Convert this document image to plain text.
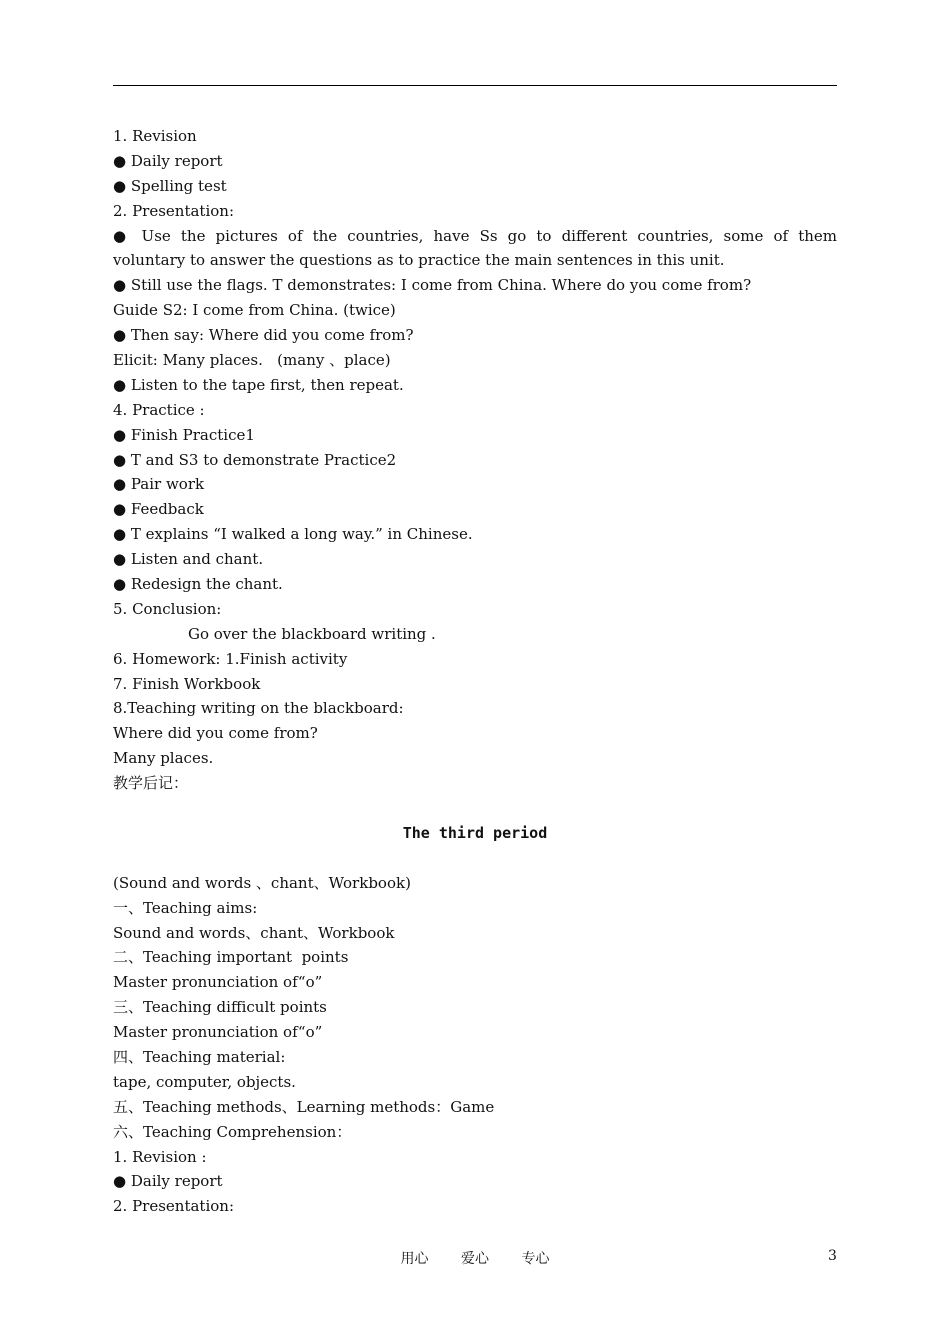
1. Revision
● Daily report
● Spelling test
2. Presentation:
● Use the pictures of the countries, have Ss go to different countries, some of them
voluntary to answer the questions as to practice the main sentences in this unit.
● Still use the flags. T demonstrates: I come from China. Where do you come from?
Guide S2: I come from China. (twice)
● Then say: Where did you come from?
Elicit: Many places.   (many 、place)
● Listen to the tape first, then repeat.
4. Practice :
● Finish Practice1
● T and S3 to demonstrate Practice2
● Pair work
● Feedback
● T explains “I walked a long way.” in Chinese.
● Listen and chant.
● Redesign the chant.
5. Conclusion:
Go over the blackboard writing .
6. Homework: 1.Finish activity
7. Finish Workbook
8.Teaching writing on the blackboard:
Where did you come from?
Many places.
教学后记：
The third period
(Sound and words 、chant、Workbook)
一、Teaching aims:
Sound and words、chant、Workbook
二、Teaching important  points
Master pronunciation of“o”
三、Teaching difficult points
Master pronunciation of“o”
四、Teaching material:
tape, computer, objects.
五、Teaching methods、Learning methods：Game
六、Teaching Comprehension：
1. Revision :
● Daily report
2. Presentation:
用心 爱心 专心	3
